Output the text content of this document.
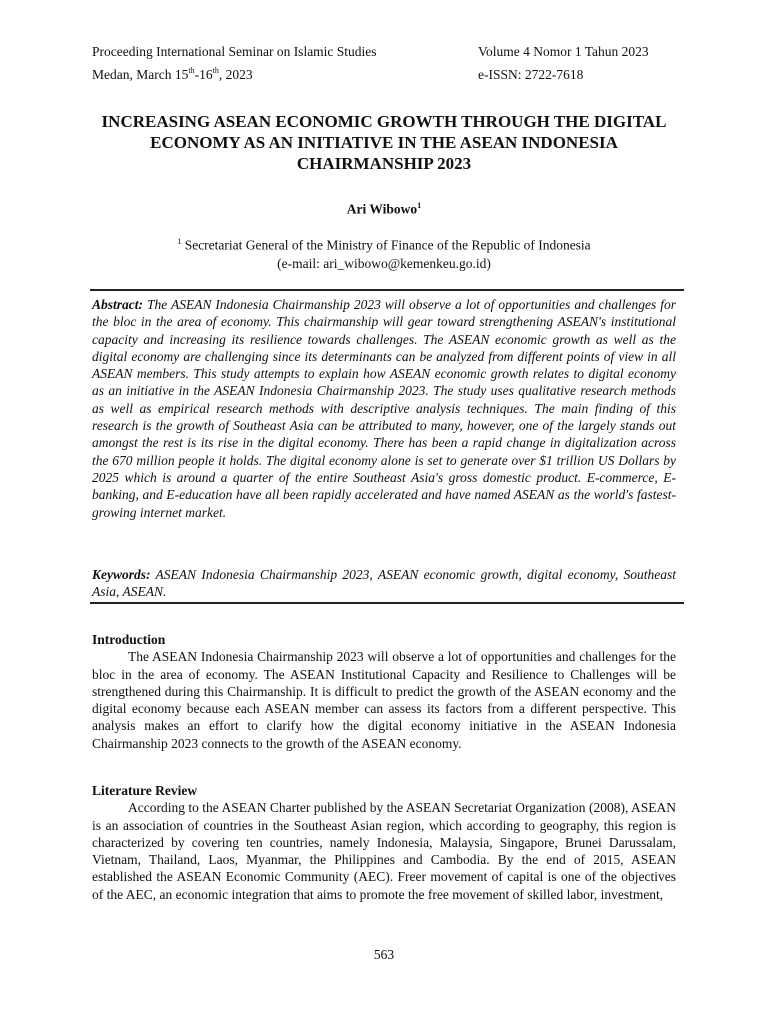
Proceeding International Seminar on Islamic Studies	Volume 4 Nomor 1 Tahun 2023
Medan, March 15th-16th, 2023	e-ISSN: 2722-7618
INCREASING ASEAN ECONOMIC GROWTH THROUGH THE DIGITAL ECONOMY AS AN INITIATIVE IN THE ASEAN INDONESIA CHAIRMANSHIP 2023
Ari Wibowo$^1$
$^1$ Secretariat General of the Ministry of Finance of the Republic of Indonesia
(e-mail: ari_wibowo@kemenkeu.go.id)
Abstract: The ASEAN Indonesia Chairmanship 2023 will observe a lot of opportunities and challenges for the bloc in the area of economy. This chairmanship will gear toward strengthening ASEAN's institutional capacity and increasing its resilience towards challenges. The ASEAN economic growth as well as the digital economy are challenging since its determinants can be analyzed from different points of view in all ASEAN members. This study attempts to explain how ASEAN economic growth relates to digital economy as an initiative in the ASEAN Indonesia Chairmanship 2023. The study uses qualitative research methods as well as empirical research methods with descriptive analysis techniques. The main finding of this research is the growth of Southeast Asia can be attributed to many, however, one of the largely stands out amongst the rest is its rise in the digital economy. There has been a rapid change in digitalization across the 670 million people it holds. The digital economy alone is set to generate over $1 trillion US Dollars by 2025 which is around a quarter of the entire Southeast Asia's gross domestic product. E-commerce, E-banking, and E-education have all been rapidly accelerated and have named ASEAN as the world's fastest-growing internet market.
Keywords: ASEAN Indonesia Chairmanship 2023, ASEAN economic growth, digital economy, Southeast Asia, ASEAN.
Introduction

The ASEAN Indonesia Chairmanship 2023 will observe a lot of opportunities and challenges for the bloc in the area of economy. The ASEAN Institutional Capacity and Resilience to Challenges will be strengthened during this Chairmanship. It is difficult to predict the growth of the ASEAN economy and the digital economy because each ASEAN member can assess its factors from a different perspective. This analysis makes an effort to clarify how the digital economy initiative in the ASEAN Indonesia Chairmanship 2023 connects to the growth of the ASEAN economy.

Literature Review

According to the ASEAN Charter published by the ASEAN Secretariat Organization (2008), ASEAN is an association of countries in the Southeast Asian region, which according to geography, this region is characterized by covering ten countries, namely Indonesia, Malaysia, Singapore, Brunei Darussalam, Vietnam, Thailand, Laos, Myanmar, the Philippines and Cambodia. By the end of 2015, ASEAN established the ASEAN Economic Community (AEC). Freer movement of capital is one of the objectives of the AEC, an economic integration that aims to promote the free movement of skilled labor, investment,

563
